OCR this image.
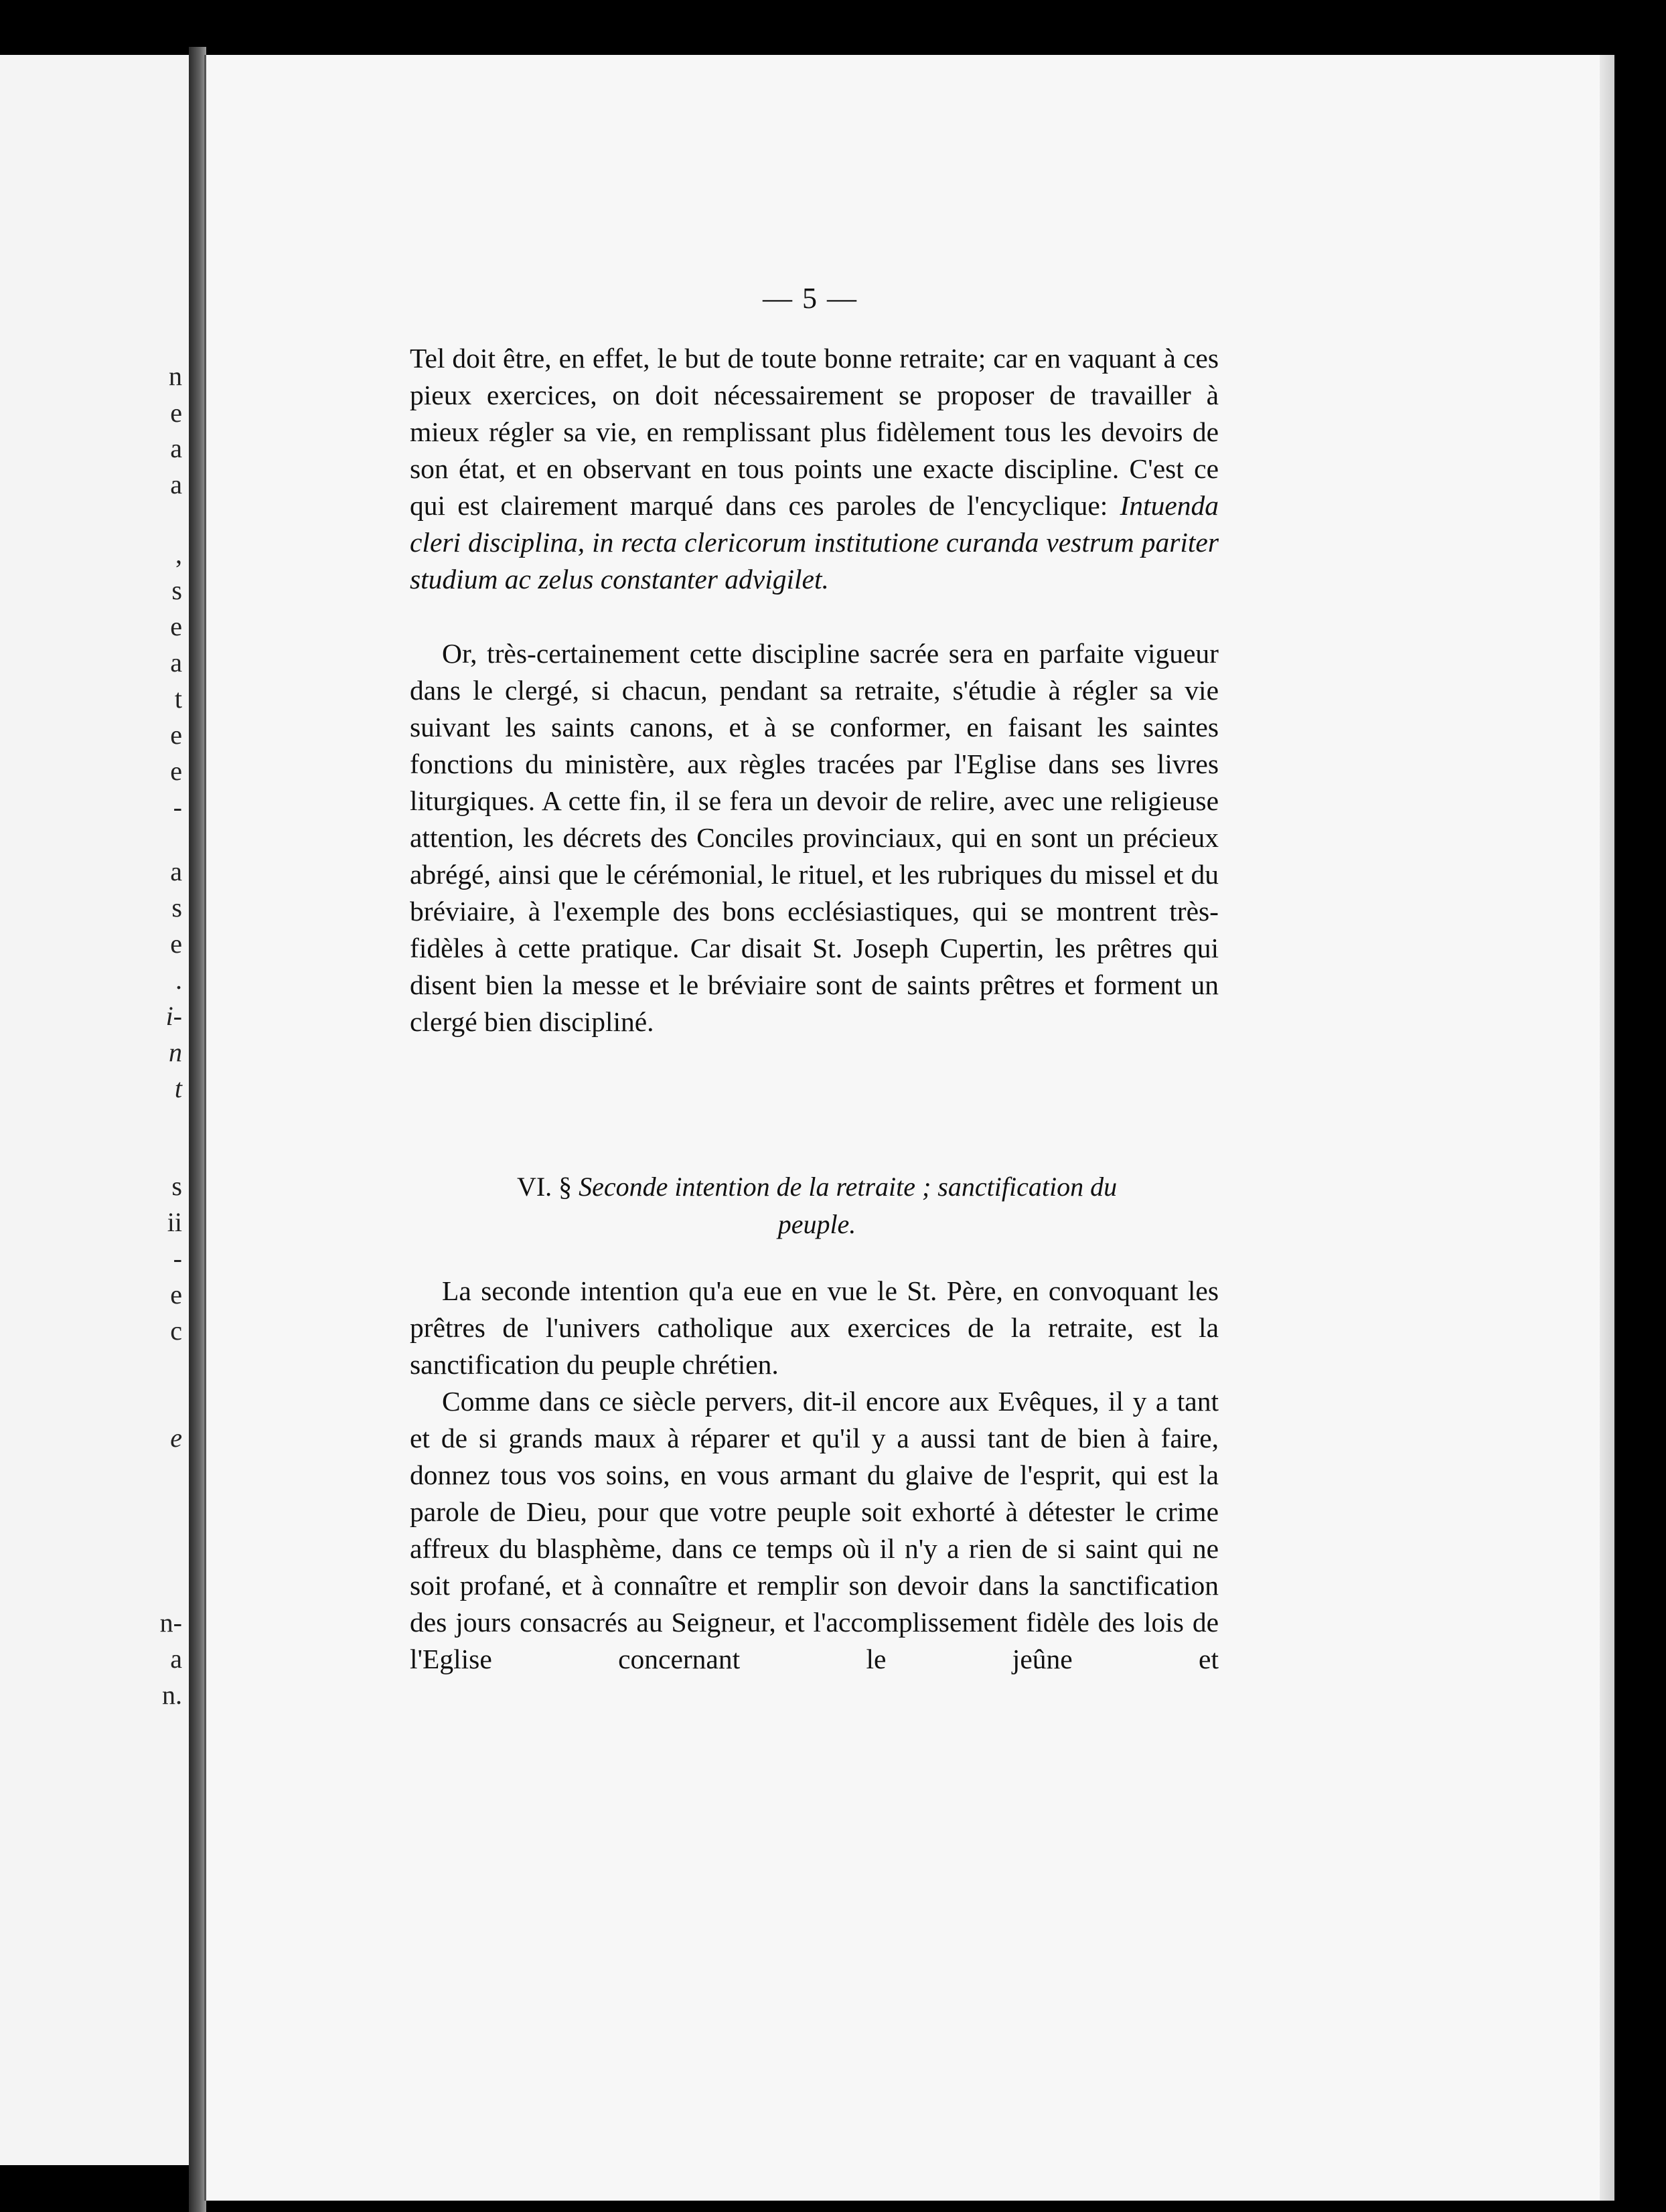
n
e
a
a
,
s
e
a
t
e
e
-
a
s
e
.
i-
n
t
s
ii
-
e
c
e
n-
a
n.
— 5 —

Tel doit être, en effet, le but de toute bonne retraite; car en vaquant à ces pieux exercices, on doit nécessairement se proposer de travailler à mieux régler sa vie, en remplissant plus fidèlement tous les devoirs de son état, et en observant en tous points une exacte discipline. C'est ce qui est clairement marqué dans ces paroles de l'encyclique: Intuenda cleri disciplina, in recta clericorum institutione curanda vestrum pariter studium ac zelus constanter advigilet.

Or, très-certainement cette discipline sacrée sera en parfaite vigueur dans le clergé, si chacun, pendant sa retraite, s'étudie à régler sa vie suivant les saints canons, et à se conformer, en faisant les saintes fonctions du ministère, aux règles tracées par l'Eglise dans ses livres liturgiques. A cette fin, il se fera un devoir de relire, avec une religieuse attention, les décrets des Conciles provinciaux, qui en sont un précieux abrégé, ainsi que le cérémonial, le rituel, et les rubriques du missel et du bréviaire, à l'exemple des bons ecclésiastiques, qui se montrent très-fidèles à cette pratique. Car disait St. Joseph Cupertin, les prêtres qui disent bien la messe et le bréviaire sont de saints prêtres et forment un clergé bien discipliné.

VI. § Seconde intention de la retraite ; sanctification du peuple.

La seconde intention qu'a eue en vue le St. Père, en convoquant les prêtres de l'univers catholique aux exercices de la retraite, est la sanctification du peuple chrétien.

Comme dans ce siècle pervers, dit-il encore aux Evêques, il y a tant et de si grands maux à réparer et qu'il y a aussi tant de bien à faire, donnez tous vos soins, en vous armant du glaive de l'esprit, qui est la parole de Dieu, pour que votre peuple soit exhorté à détester le crime affreux du blasphème, dans ce temps où il n'y a rien de si saint qui ne soit profané, et à connaître et remplir son devoir dans la sanctification des jours consacrés au Seigneur, et l'accomplissement fidèle des lois de l'Eglise concernant le jeûne et
